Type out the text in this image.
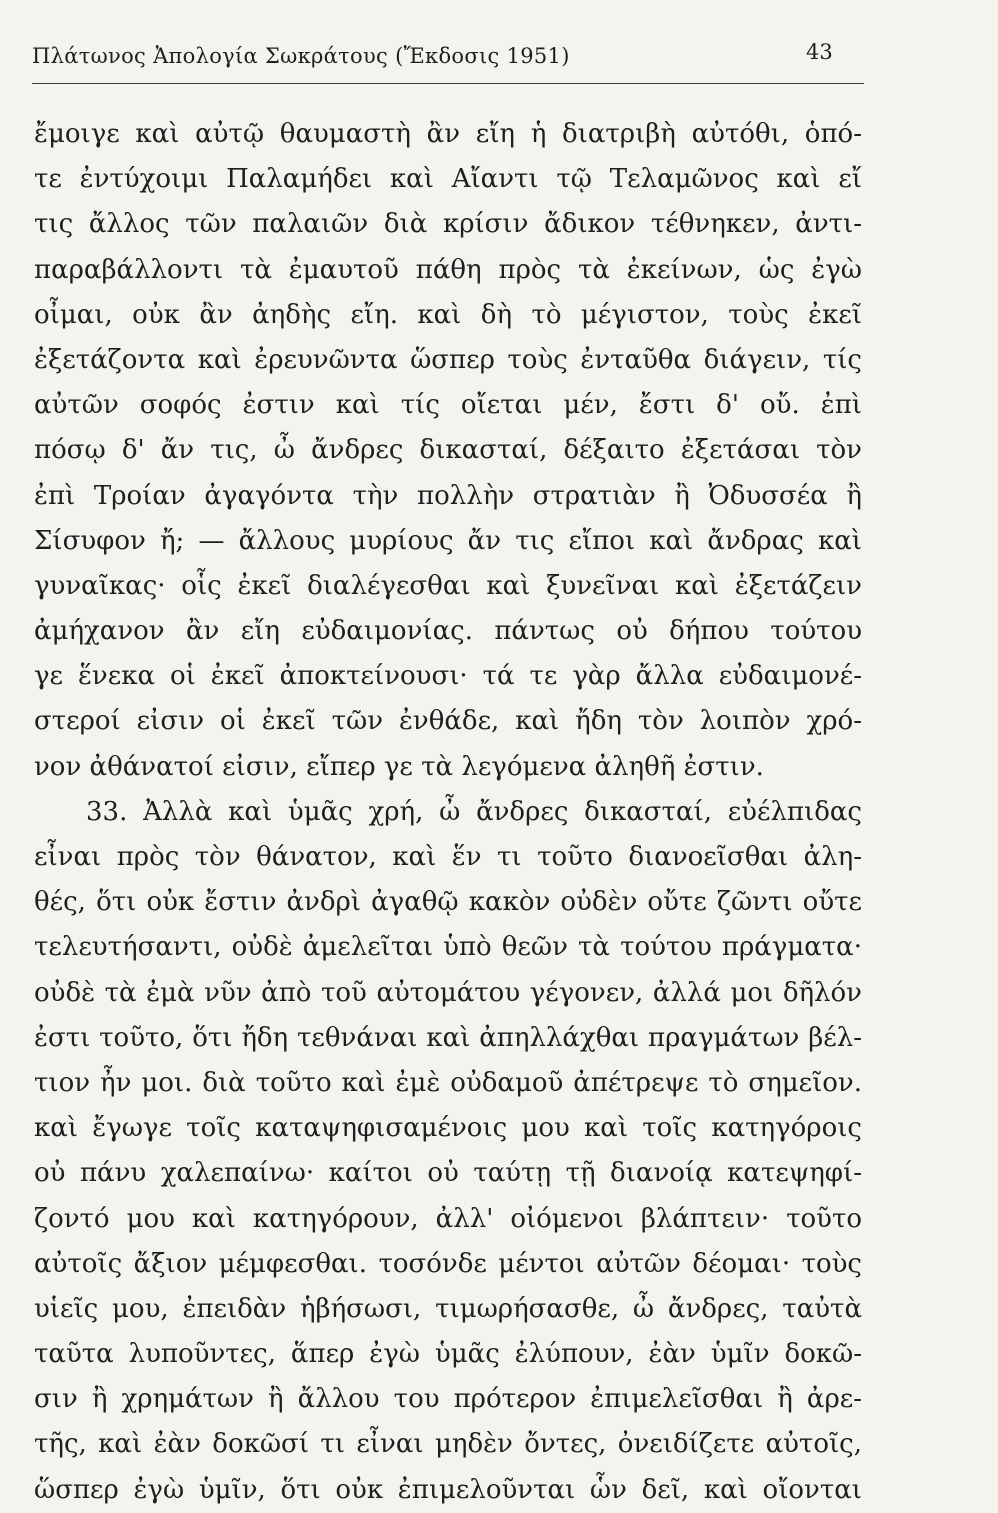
Πλάτωνος Ἀπολογία Σωκράτους (Ἔκδοσις 1951)	43
ἔμοιγε καὶ αὐτῷ θαυμαστὴ ἂν εἴη ἡ διατριβὴ αὐτόθι, ὁπό-
τε ἐντύχοιμι Παλαμήδει καὶ Αἴαντι τῷ Τελαμῶνος καὶ εἴ
τις ἄλλος τῶν παλαιῶν διὰ κρίσιν ἄδικον τέθνηκεν, ἀντι-
παραβάλλοντι τὰ ἐμαυτοῦ πάθη πρὸς τὰ ἐκείνων, ὡς ἐγὼ
οἶμαι, οὐκ ἂν ἀηδὴς εἴη. καὶ δὴ τὸ μέγιστον, τοὺς ἐκεῖ
ἐξετάζοντα καὶ ἐρευνῶντα ὥσπερ τοὺς ἐνταῦθα διάγειν, τίς
αὐτῶν σοφός ἐστιν καὶ τίς οἴεται μέν, ἔστι δ' οὔ. ἐπὶ
πόσῳ δ' ἄν τις, ὦ ἄνδρες δικασταί, δέξαιτο ἐξετάσαι τὸν
ἐπὶ Τροίαν ἀγαγόντα τὴν πολλὴν στρατιὰν ἢ Ὀδυσσέα ἢ
Σίσυφον ἤ; — ἄλλους μυρίους ἄν τις εἴποι καὶ ἄνδρας καὶ
γυναῖκας· οἷς ἐκεῖ διαλέγεσθαι καὶ ξυνεῖναι καὶ ἐξετάζειν
ἀμήχανον ἂν εἴη εὐδαιμονίας. πάντως οὐ δήπου τούτου
γε ἕνεκα οἱ ἐκεῖ ἀποκτείνουσι· τά τε γὰρ ἄλλα εὐδαιμονέ-
στεροί εἰσιν οἱ ἐκεῖ τῶν ἐνθάδε, καὶ ἤδη τὸν λοιπὸν χρό-
νον ἀθάνατοί εἰσιν, εἴπερ γε τὰ λεγόμενα ἀληθῆ ἐστιν.
33. Ἀλλὰ καὶ ὑμᾶς χρή, ὦ ἄνδρες δικασταί, εὐέλπιδας
εἶναι πρὸς τὸν θάνατον, καὶ ἕν τι τοῦτο διανοεῖσθαι ἀλη-
θές, ὅτι οὐκ ἔστιν ἀνδρὶ ἀγαθῷ κακὸν οὐδὲν οὔτε ζῶντι οὔτε
τελευτήσαντι, οὐδὲ ἀμελεῖται ὑπὸ θεῶν τὰ τούτου πράγματα·
οὐδὲ τὰ ἐμὰ νῦν ἀπὸ τοῦ αὐτομάτου γέγονεν, ἀλλά μοι δῆλόν
ἐστι τοῦτο, ὅτι ἤδη τεθνάναι καὶ ἀπηλλάχθαι πραγμάτων βέλ-
τιον ἦν μοι. διὰ τοῦτο καὶ ἐμὲ οὐδαμοῦ ἀπέτρεψε τὸ σημεῖον.
καὶ ἔγωγε τοῖς καταψηφισαμένοις μου καὶ τοῖς κατηγόροις
οὐ πάνυ χαλεπαίνω· καίτοι οὐ ταύτῃ τῇ διανοίᾳ κατεψηφί-
ζοντό μου καὶ κατηγόρουν, ἀλλ' οἰόμενοι βλάπτειν· τοῦτο
αὐτοῖς ἄξιον μέμφεσθαι. τοσόνδε μέντοι αὐτῶν δέομαι· τοὺς
υἱεῖς μου, ἐπειδὰν ἡβήσωσι, τιμωρήσασθε, ὦ ἄνδρες, ταὐτὰ
ταῦτα λυποῦντες, ἅπερ ἐγὼ ὑμᾶς ἐλύπουν, ἐὰν ὑμῖν δοκῶ-
σιν ἢ χρημάτων ἢ ἄλλου του πρότερον ἐπιμελεῖσθαι ἢ ἀρε-
τῆς, καὶ ἐὰν δοκῶσί τι εἶναι μηδὲν ὄντες, ὀνειδίζετε αὐτοῖς,
ὥσπερ ἐγὼ ὑμῖν, ὅτι οὐκ ἐπιμελοῦνται ὧν δεῖ, καὶ οἴονται
